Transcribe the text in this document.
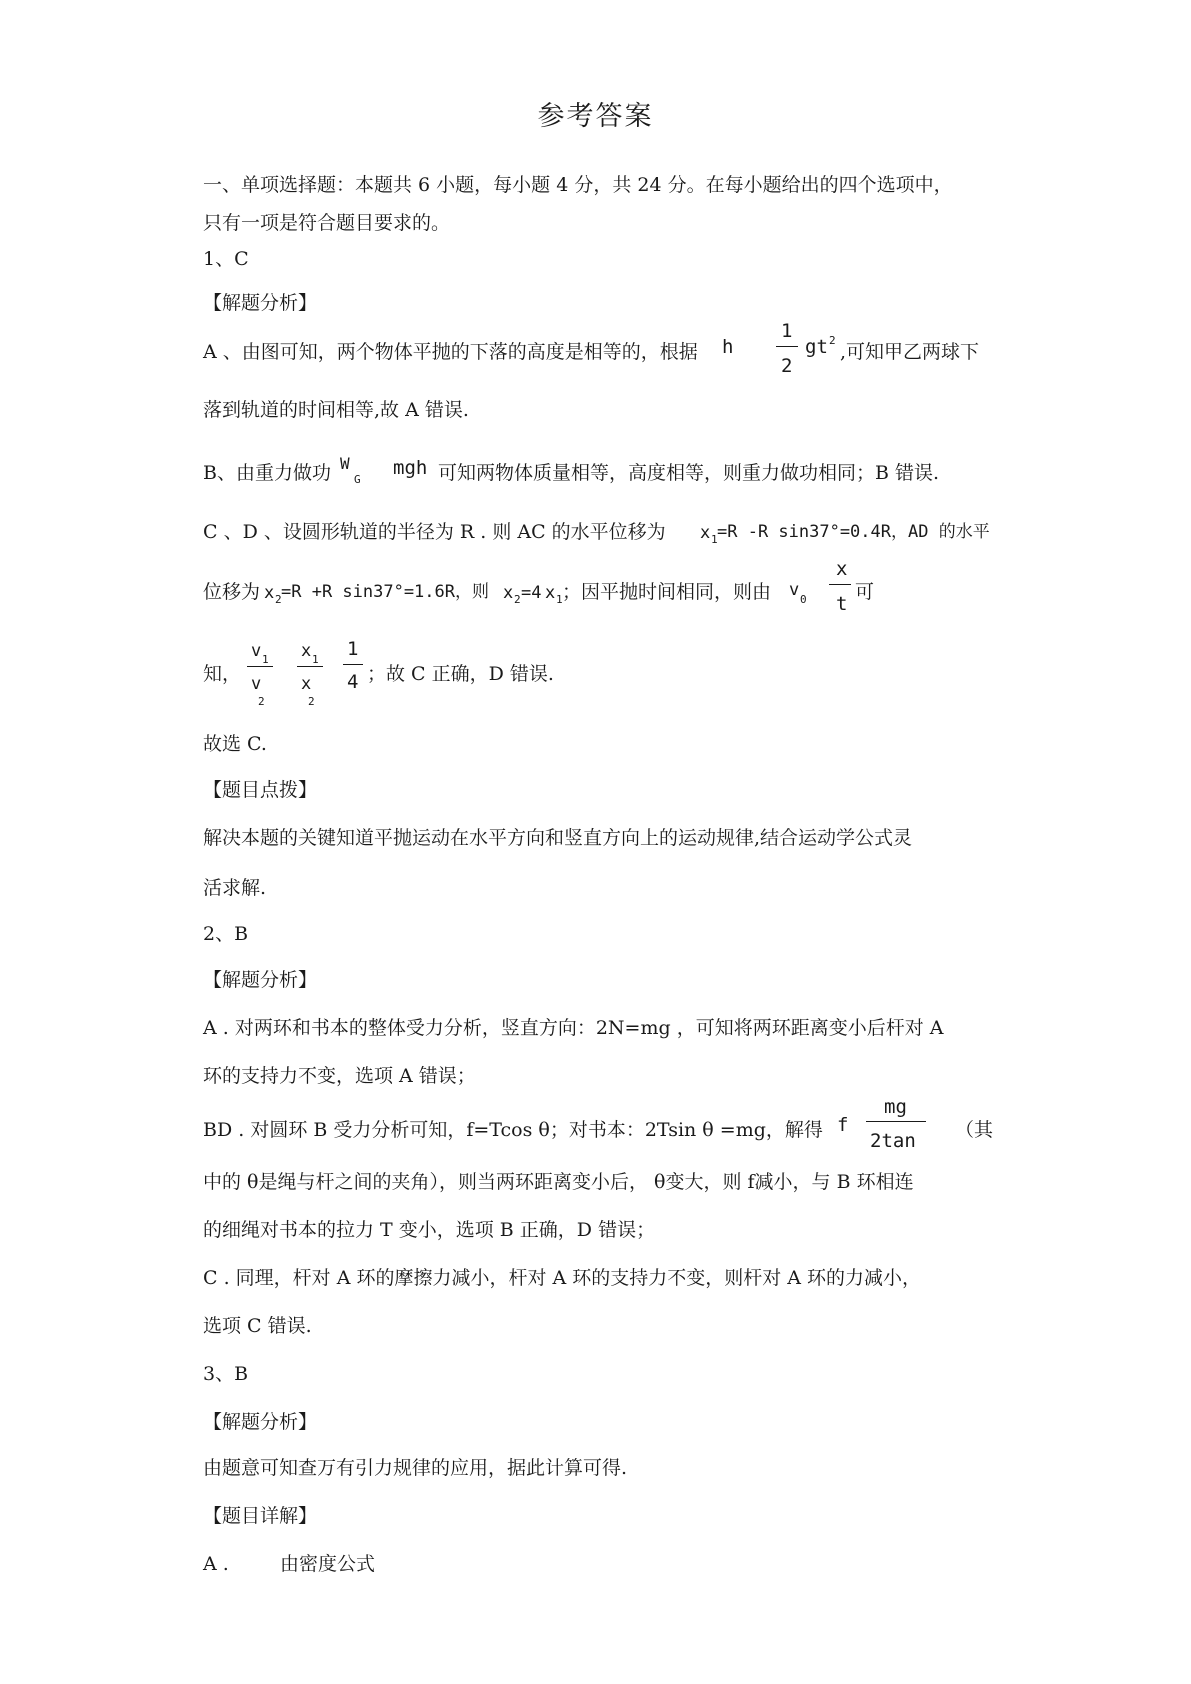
参考答案
一、单项选择题：本题共 6 小题，每小题 4 分，共 24 分。在每小题给出的四个选项中，
只有一项是符合题目要求的。
1、C
【解题分析】
A 、由图可知，两个物体平抛的下落的高度是相等的，根据 h
1
2
gt 2
,可知甲乙两球下
落到轨道的时间相等,故 A 错误.
B、由重力做功 W
G
mgh 可知两物体质量相等，高度相等，则重力做功相同；B 错误.
C 、D 、设圆形轨道的半径为 R . 则 AC 的水平位移为 x 1 =R -R sin37°=0.4R，AD 的水平
位移为 x 2 =R +R sin37°=1.6R，则 x 2 =4 x 1 ；因平抛时间相同，则由 v 0
x
t
可
知，
v 1
v
2
x 1
x
2
1
4 ；故 C 正确，D 错误.
故选 C.
【题目点拨】
解决本题的关键知道平抛运动在水平方向和竖直方向上的运动规律,结合运动学公式灵
活求解.
2、B
【解题分析】
A . 对两环和书本的整体受力分析，竖直方向：2N=mg ，可知将两环距离变小后杆对 A
环的支持力不变，选项 A 错误；
BD . 对圆环 B 受力分析可知，f=Tcos θ；对书本：2Tsin θ =mg，解得 f
mg
2tan （其
中的 θ是绳与杆之间的夹角），则当两环距离变小后， θ变大，则 f减小，与 B 环相连
的细绳对书本的拉力 T 变小，选项 B 正确，D 错误；
C . 同理，杆对 A 环的摩擦力减小，杆对 A 环的支持力不变，则杆对 A 环的力减小，
选项 C 错误.
3、B
【解题分析】
由题意可知查万有引力规律的应用，据此计算可得.
【题目详解】
A .	由密度公式
